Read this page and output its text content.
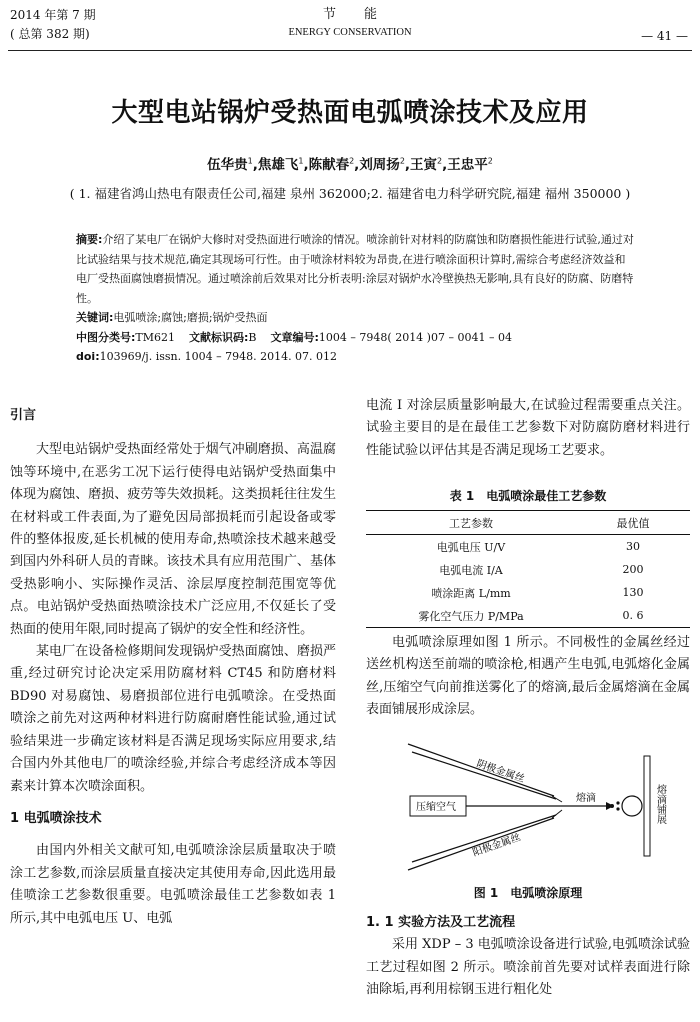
2014 年第 7 期
( 总第 382 期)
节能
ENERGY CONSERVATION	— 41 —
大型电站锅炉受热面电弧喷涂技术及应用
伍华贵$^1$,焦雄飞$^1$,陈献春$^2$,刘周扬$^2$,王寅$^2$,王忠平$^2$
( 1. 福建省鸿山热电有限责任公司,福建 泉州 362000;2. 福建省电力科学研究院,福建 福州 350000 )

摘要:介绍了某电厂在锅炉大修时对受热面进行喷涂的情况。喷涂前针对材料的防腐蚀和防磨损性能进行试验,通过对比试验结果与技术规范,确定其现场可行性。由于喷涂材料较为昂贵,在进行喷涂面积计算时,需综合考虑经济效益和电厂受热面腐蚀磨损情况。通过喷涂前后效果对比分析表明:涂层对锅炉水冷壁换热无影响,具有良好的防腐、防磨特性。

关键词:电弧喷涂;腐蚀;磨损;锅炉受热面

中图分类号:TM621 文献标识码:B 文章编号:1004 – 7948( 2014 )07 – 0041 – 04

doi:103969/j. issn. 1004 – 7948. 2014. 07. 012

引言

大型电站锅炉受热面经常处于烟气冲刷磨损、高温腐蚀等环境中,在恶劣工况下运行使得电站锅炉受热面集中体现为腐蚀、磨损、疲劳等失效损耗。这类损耗往往发生在材料或工件表面,为了避免因局部损耗而引起设备或零件的整体报废,延长机械的使用寿命,热喷涂技术越来越受到国内外科研人员的青睐。该技术具有应用范围广、基体受热影响小、实际操作灵活、涂层厚度控制范围宽等优点。电站锅炉受热面热喷涂技术广泛应用,不仅延长了受热面的使用年限,同时提高了锅炉的安全性和经济性。

某电厂在设备检修期间发现锅炉受热面腐蚀、磨损严重,经过研究讨论决定采用防腐材料 CT45 和防磨材料 BD90 对易腐蚀、易磨损部位进行电弧喷涂。在受热面喷涂之前先对这两种材料进行防腐耐磨性能试验,通过试验结果进一步确定该材料是否满足现场实际应用要求,结合国内外其他电厂的喷涂经验,并综合考虑经济成本等因素来计算本次喷涂面积。

1 电弧喷涂技术

由国内外相关文献可知,电弧喷涂涂层质量取决于喷涂工艺参数,而涂层质量直接决定其使用寿命,因此选用最佳喷涂工艺参数很重要。电弧喷涂最佳工艺参数如表 1 所示,其中电弧电压 U、电弧

电流 I 对涂层质量影响最大,在试验过程需要重点关注。试验主要目的是在最佳工艺参数下对防腐防磨材料进行性能试验以评估其是否满足现场工艺要求。

表 1　电弧喷涂最佳工艺参数
工艺参数	最优值
电弧电压 U/V	30
电弧电流 I/A	200
喷涂距离 L/mm	130
雾化空气压力 P/MPa	0. 6

电弧喷涂原理如图 1 所示。不同极性的金属丝经过送丝机构送至前端的喷涂枪,相遇产生电弧,电弧熔化金属丝,压缩空气向前推送雾化了的熔滴,最后金属熔滴在金属表面铺展形成涂层。

阴极金属丝
阳极金属丝
压缩空气
熔滴	熔滴铺展
图 1　电弧喷涂原理
1. 1 实验方法及工艺流程

采用 XDP – 3 电弧喷涂设备进行试验,电弧喷涂试验工艺过程如图 2 所示。喷涂前首先要对试样表面进行除油除垢,再利用棕钢玉进行粗化处
